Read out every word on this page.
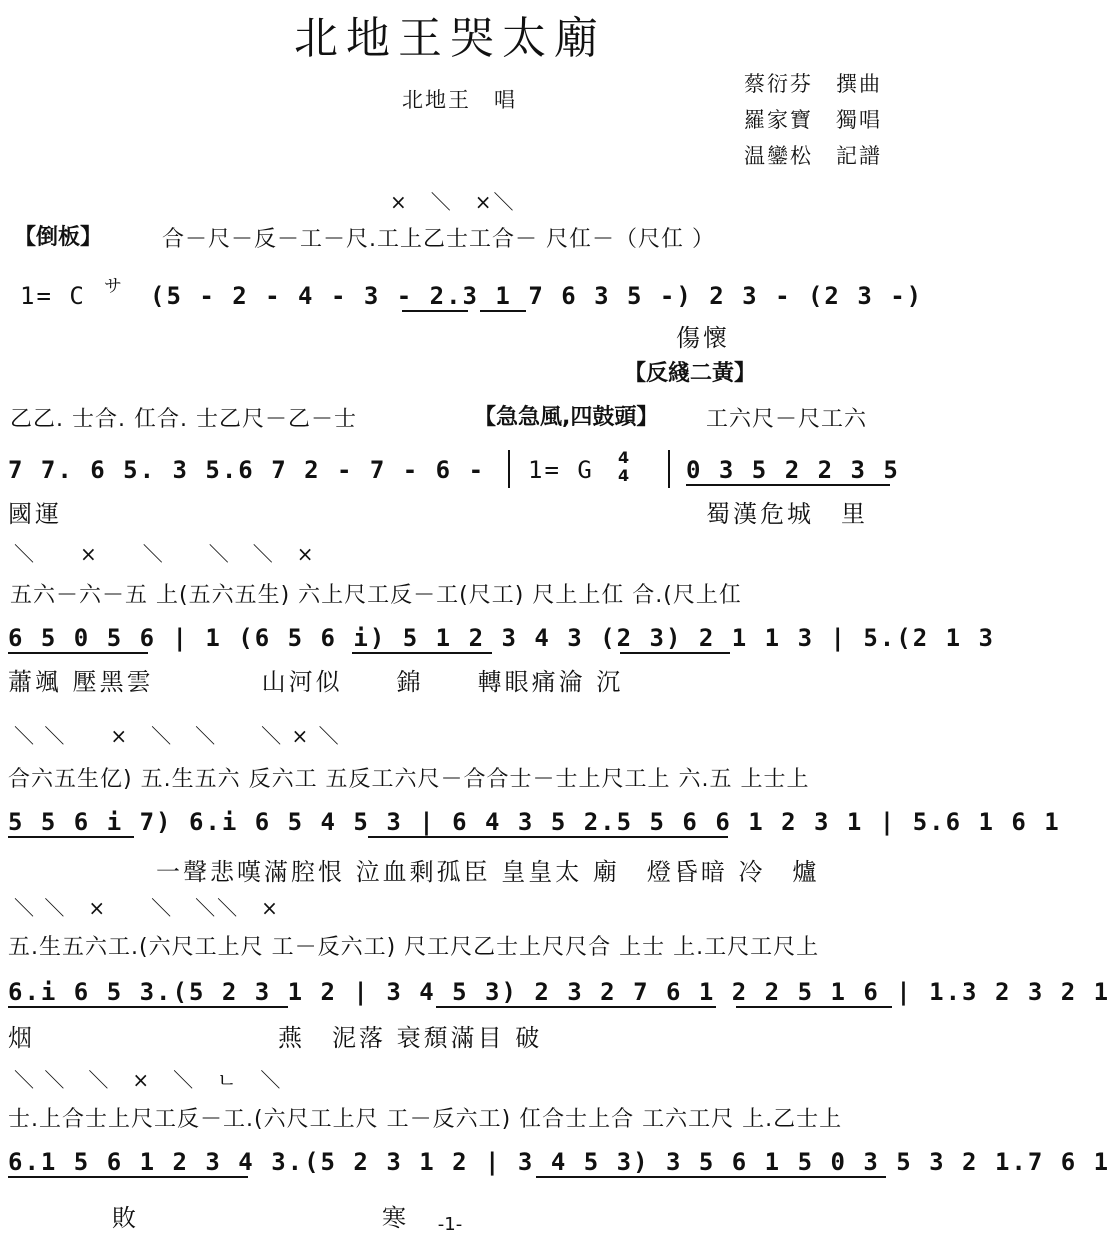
北地王哭太廟
北地王　唱
蔡衍芬　撰曲
羅家寶　獨唱
温鑾松　記譜
×　＼　×＼
【倒板】	合－尺－反－工－尺.工上乙士工合－ 尺仜－（尺仜 ）
1= C サ (5 - 2 - 4 - 3 - 2.3 1 7 6 3 5 -) 2 3 - (2 3 -)
傷懷
【反綫二黃】
乙乙. 士合. 仜合. 士乙尺－乙－士	【急急風,四鼓頭】 工六尺－尺工六
7 7. 6 5. 3 5.6 7 2 - 7 - 6 - 1= G 4
4 0 3 5 2 2 3 5
國運	蜀漢危城　里
＼　　×　　＼　　＼　＼　×
五六－六－五 上(五六五生) 六上尺工反－工(尺工) 尺上上仜 合.(尺上仜
6 5 0 5 6 | 1 (6 5 6 i) 5 1 2 3 4 3 (2 3) 2 1 1 3 | 5.(2 1 3
蕭颯 壓黑雲　　　　山河似　　錦　　轉眼痛淪 沉
＼ ＼　　×　＼　＼　　＼ × ＼
合六五生亿) 五.生五六 反六工 五反工六尺－合合士－士上尺工上 六.五 上士上
5 5 6 i 7) 6.i 6 5 4 5 3 | 6 4 3 5 2.5 5 6 6 1 2 3 1 | 5.6 1 6 1
一聲悲嘆滿腔恨 泣血剩孤臣 皇皇太 廟　燈昏暗 冷　爐
＼ ＼　×　　＼　＼＼　×
五.生五六工.(六尺工上尺 工－反六工) 尺工尺乙士上尺尺合 上士 上.工尺工尺上
6.i 6 5 3.(5 2 3 1 2 | 3 4 5 3) 2 3 2 7 6 1 2 2 5 1 6 | 1.3 2 3 2 1
烟　　　　　　　　　燕　泥落 衰頹滿目 破
＼ ＼　＼　×　＼　ㄴ　＼
士.上合士上尺工反－工.(六尺工上尺 工－反六工) 仜合士上合 工六工尺 上.乙士上
6.1 5 6 1 2 3 4 3.(5 2 3 1 2 | 3 4 5 3) 3 5 6 1 5 0 3 5 3 2 1.7 6 1
敗　　　　　　　　　寒	-1-
